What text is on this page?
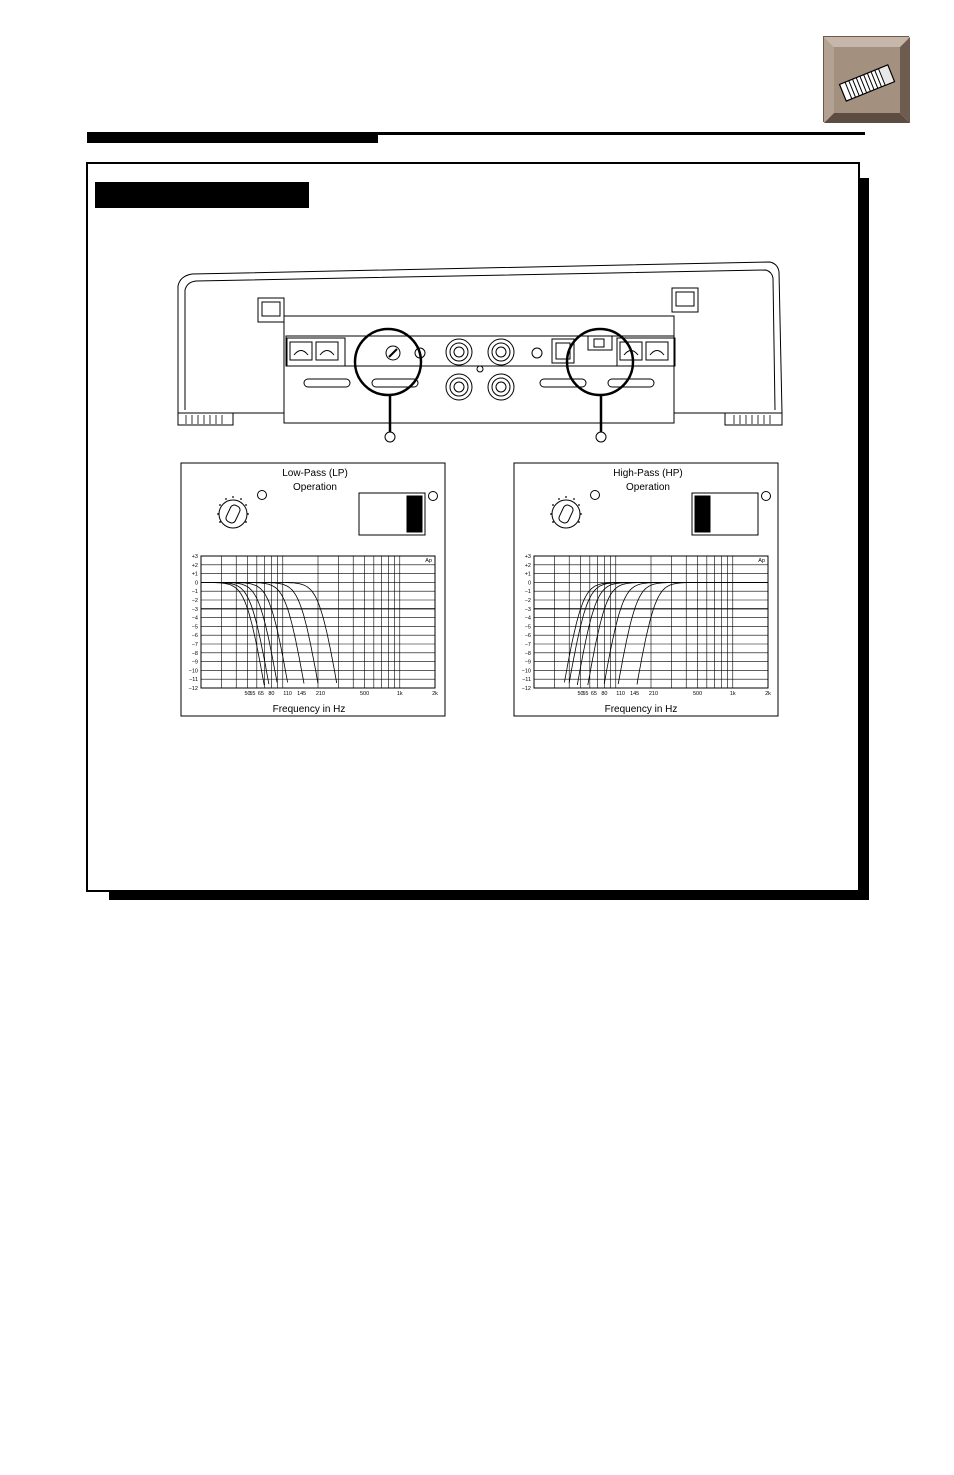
Low-Pass (LP)
Operation
Frequency in Hz
+3
+2
+1
0
−1
−2
−3
−4
−5
−6
−7
−8
−9
−10
−11
−12
50
55 65 80 110 145 210	500	1k	2k
Ap
High-Pass (HP)
Operation
Frequency in Hz
+3
+2
+1
0
−1
−2
−3
−4
−5
−6
−7
−8
−9
−10
−11
−12
50
55 65 80 110 145 210	500	1k	2k
Ap
